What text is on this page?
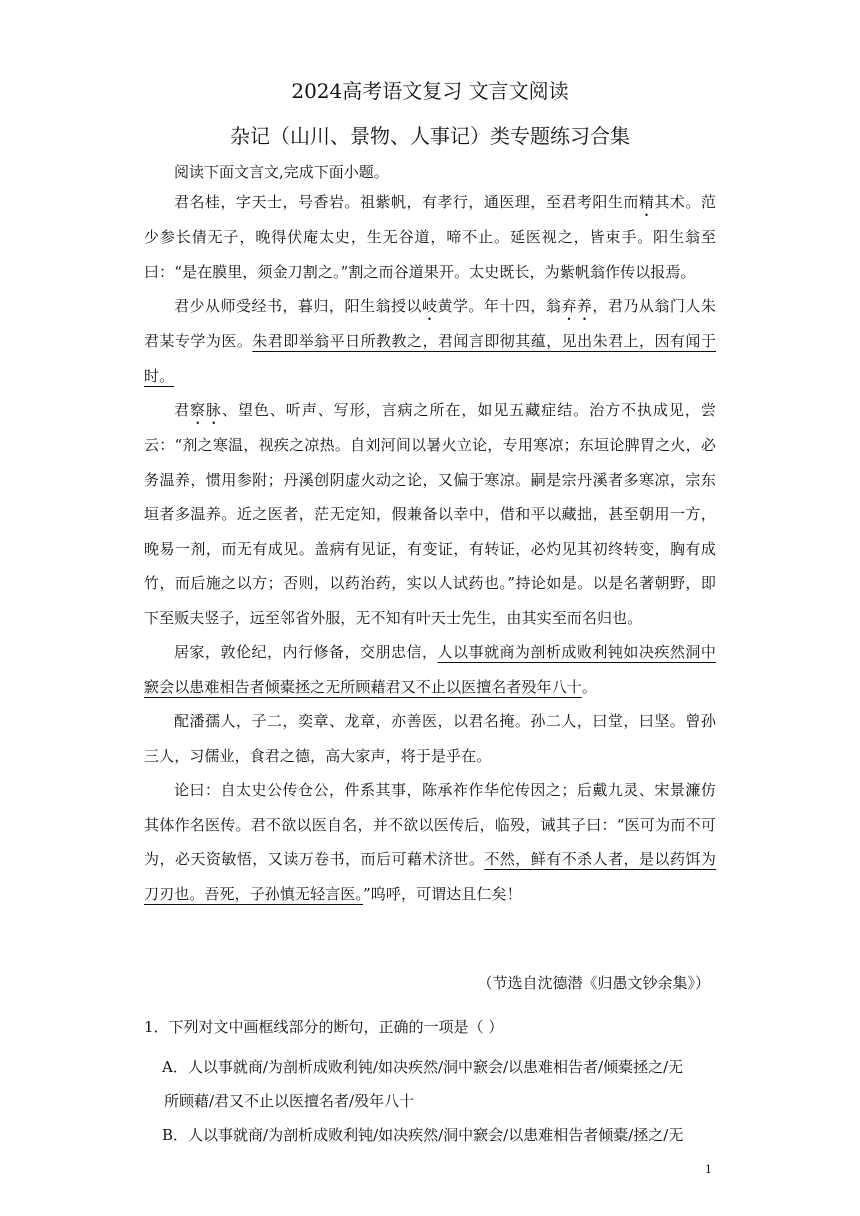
2024高考语文复习 文言文阅读
杂记（山川、景物、人事记）类专题练习合集
阅读下面文言文,完成下面小题。

君名桂，字天士，号香岩。祖紫帆，有孝行，通医理，至君考阳生而精其术。范少参长倩无子，晚得伏庵太史，生无谷道，啼不止。延医视之，皆束手。阳生翁至曰：“是在膜里，须金刀割之。”割之而谷道果开。太史既长，为紫帆翁作传以报焉。

君少从师受经书，暮归，阳生翁授以岐黄学。年十四，翁弃养，君乃从翁门人朱君某专学为医。朱君即举翁平日所教教之，君闻言即彻其蕴，见出朱君上，因有闻于时。

君察脉、望色、听声、写形，言病之所在，如见五藏症结。治方不执成见，尝云：“剂之寒温，视疾之凉热。自刘河间以暑火立论，专用寒凉；东垣论脾胃之火，必务温养，惯用参附；丹溪创阴虚火动之论，又偏于寒凉。嗣是宗丹溪者多寒凉，宗东垣者多温养。近之医者，茫无定知，假兼备以幸中，借和平以藏拙，甚至朝用一方，晚易一剂，而无有成见。盖病有见证，有变证，有转证，必灼见其初终转变，胸有成竹，而后施之以方；否则，以药治药，实以人试药也。”持论如是。以是名著朝野，即下至贩夫竖子，远至邻省外服，无不知有叶天士先生，由其实至而名归也。

居家，敦伦纪，内行修备，交朋忠信，人以事就商为剖析成败利钝如决疾然洞中窾会以患难相告者倾橐拯之无所顾藉君又不止以医擅名者殁年八十。

配潘孺人，子二，奕章、龙章，亦善医，以君名掩。孙二人，曰堂，曰坚。曾孙三人，习儒业，食君之德，高大家声，将于是乎在。

论曰：自太史公传仓公，件系其事，陈承祚作华佗传因之；后戴九灵、宋景濂仿其体作名医传。君不欲以医自名，并不欲以医传后，临殁，诫其子曰：“医可为而不可为，必天资敏悟，又读万卷书，而后可藉术济世。不然，鲜有不杀人者，是以药饵为刀刃也。吾死，子孙慎无轻言医。”呜呼，可谓达且仁矣！

（节选自沈德潜《归愚文钞余集》）
1．下列对文中画框线部分的断句，正确的一项是（ ）
A．人以事就商/为剖析成败利钝/如决疾然/洞中窾会/以患难相告者/倾橐拯之/无
所顾藉/君又不止以医擅名者/殁年八十
B．人以事就商/为剖析成败利钝/如决疾然/洞中窾会/以患难相告者倾橐/拯之/无
1
